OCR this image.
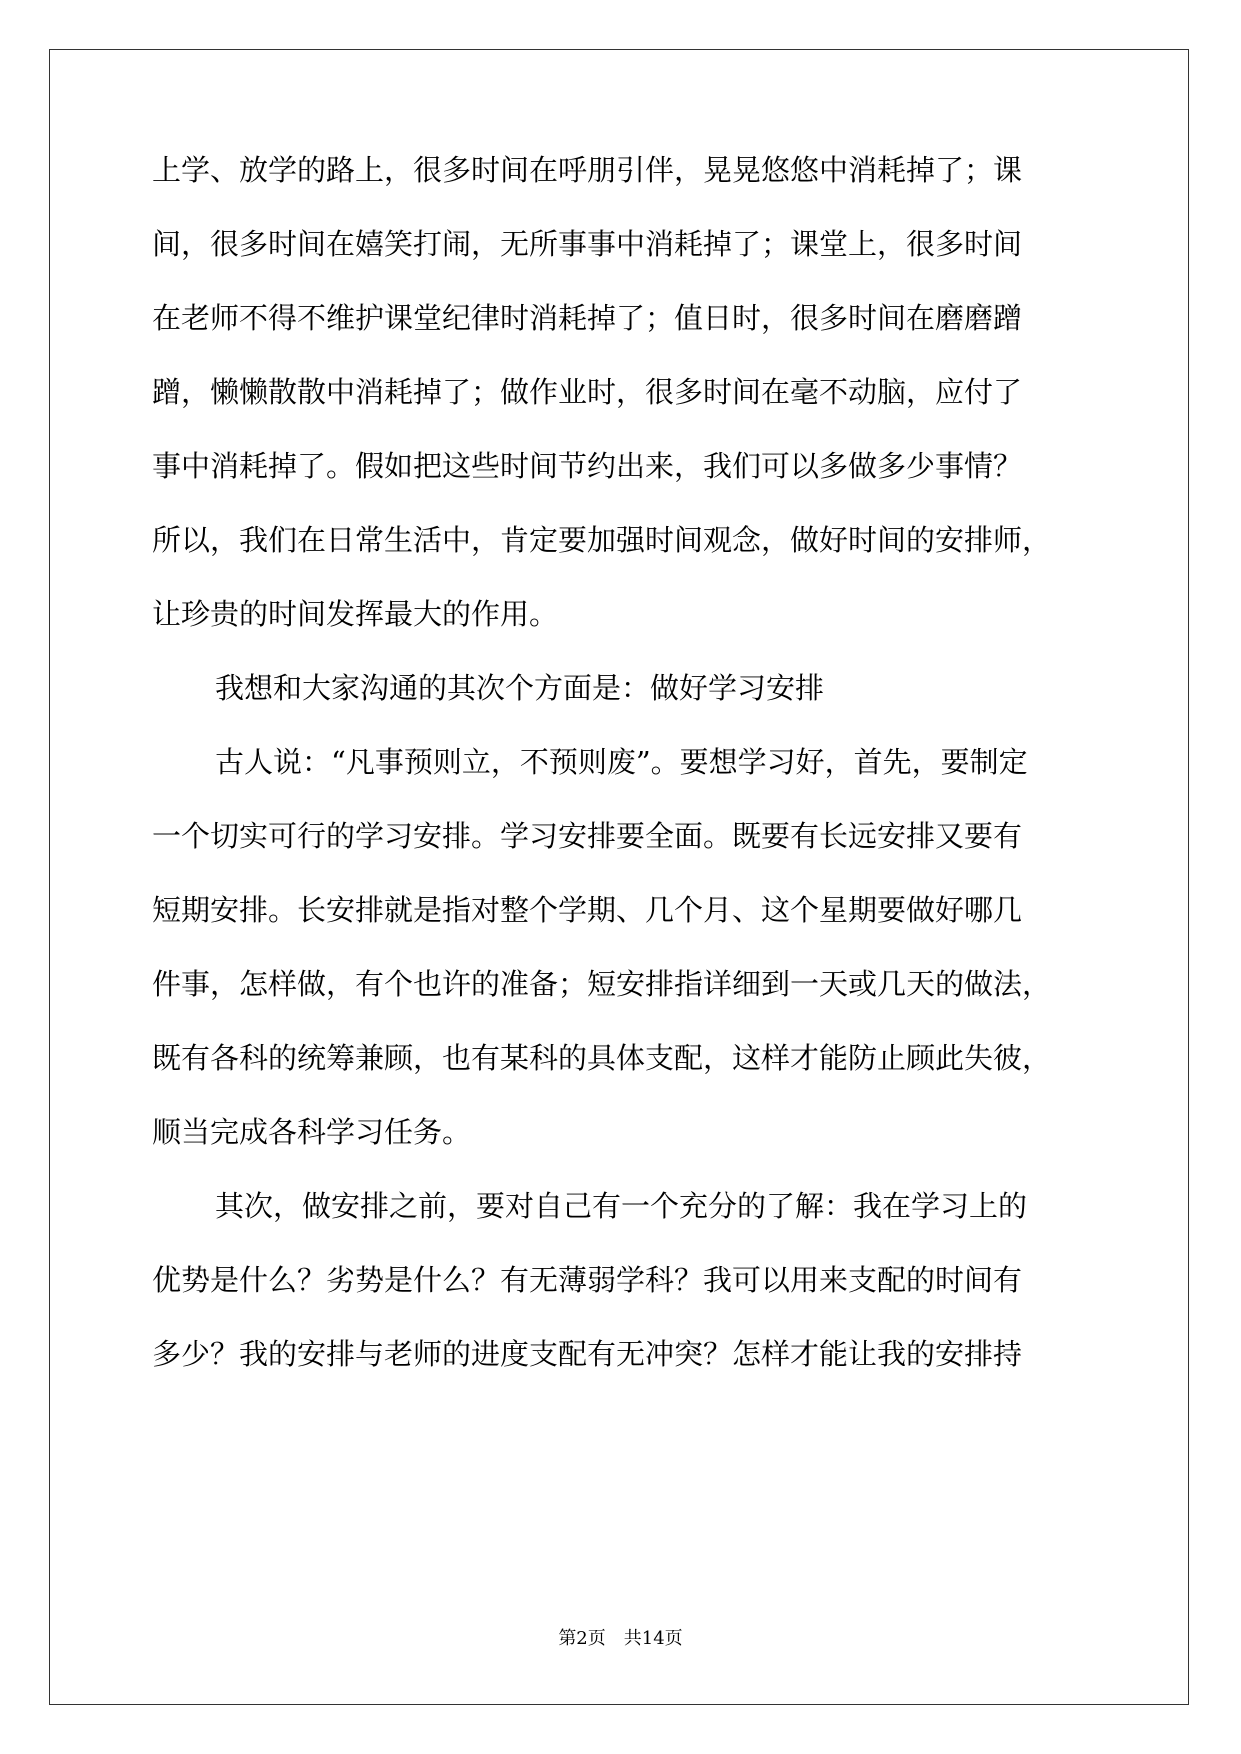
上学、放学的路上，很多时间在呼朋引伴，晃晃悠悠中消耗掉了；课
间，很多时间在嬉笑打闹，无所事事中消耗掉了；课堂上，很多时间
在老师不得不维护课堂纪律时消耗掉了；值日时，很多时间在磨磨蹭
蹭，懒懒散散中消耗掉了；做作业时，很多时间在毫不动脑，应付了
事中消耗掉了。假如把这些时间节约出来，我们可以多做多少事情？
所以，我们在日常生活中，肯定要加强时间观念，做好时间的安排师，
让珍贵的时间发挥最大的作用。
我想和大家沟通的其次个方面是：做好学习安排
古人说：“凡事预则立，不预则废”。要想学习好，首先，要制定
一个切实可行的学习安排。学习安排要全面。既要有长远安排又要有
短期安排。长安排就是指对整个学期、几个月、这个星期要做好哪几
件事，怎样做，有个也许的准备；短安排指详细到一天或几天的做法，
既有各科的统筹兼顾，也有某科的具体支配，这样才能防止顾此失彼，
顺当完成各科学习任务。
其次，做安排之前，要对自己有一个充分的了解：我在学习上的
优势是什么？劣势是什么？有无薄弱学科？我可以用来支配的时间有
多少？我的安排与老师的进度支配有无冲突？怎样才能让我的安排持
第2页　共14页
